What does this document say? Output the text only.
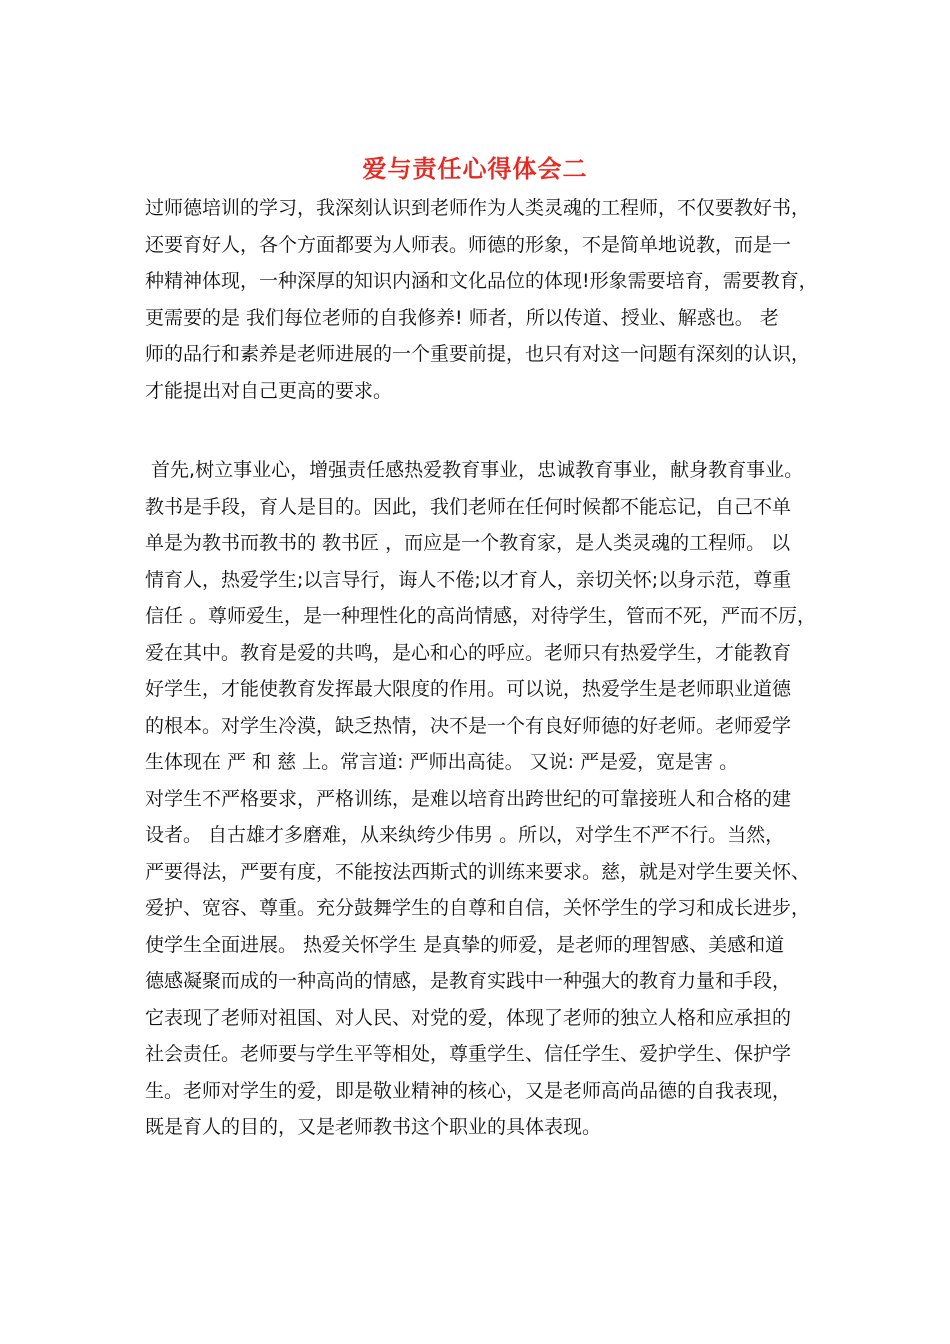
爱与责任心得体会二
过师德培训的学习，我深刻认识到老师作为人类灵魂的工程师，不仅要教好书，
还要育好人，各个方面都要为人师表。师德的形象，不是简单地说教，而是一
种精神体现，一种深厚的知识内涵和文化品位的体现!形象需要培育，需要教育，
更需要的是 我们每位老师的自我修养! 师者，所以传道、授业、解惑也。 老
师的品行和素养是老师进展的一个重要前提，也只有对这一问题有深刻的认识，
才能提出对自己更高的要求。
首先,树立事业心，增强责任感热爱教育事业，忠诚教育事业，献身教育事业。
教书是手段，育人是目的。因此，我们老师在任何时候都不能忘记，自己不单
单是为教书而教书的 教书匠 ，而应是一个教育家，是人类灵魂的工程师。 以
情育人，热爱学生;以言导行，诲人不倦;以才育人，亲切关怀;以身示范，尊重
信任 。尊师爱生，是一种理性化的高尚情感，对待学生，管而不死，严而不厉，
爱在其中。教育是爱的共鸣，是心和心的呼应。老师只有热爱学生，才能教育
好学生，才能使教育发挥最大限度的作用。可以说，热爱学生是老师职业道德
的根本。对学生冷漠，缺乏热情，决不是一个有良好师德的好老师。老师爱学
生体现在 严 和 慈 上。常言道: 严师出高徒。 又说: 严是爱，宽是害 。
对学生不严格要求，严格训练，是难以培育出跨世纪的可靠接班人和合格的建
设者。 自古雄才多磨难，从来纨绔少伟男 。所以，对学生不严不行。当然，
严要得法，严要有度，不能按法西斯式的训练来要求。慈，就是对学生要关怀、
爱护、宽容、尊重。充分鼓舞学生的自尊和自信，关怀学生的学习和成长进步，
使学生全面进展。 热爱关怀学生 是真挚的师爱，是老师的理智感、美感和道
德感凝聚而成的一种高尚的情感，是教育实践中一种强大的教育力量和手段，
它表现了老师对祖国、对人民、对党的爱，体现了老师的独立人格和应承担的
社会责任。老师要与学生平等相处，尊重学生、信任学生、爱护学生、保护学
生。老师对学生的爱，即是敬业精神的核心，又是老师高尚品德的自我表现，
既是育人的目的，又是老师教书这个职业的具体表现。
